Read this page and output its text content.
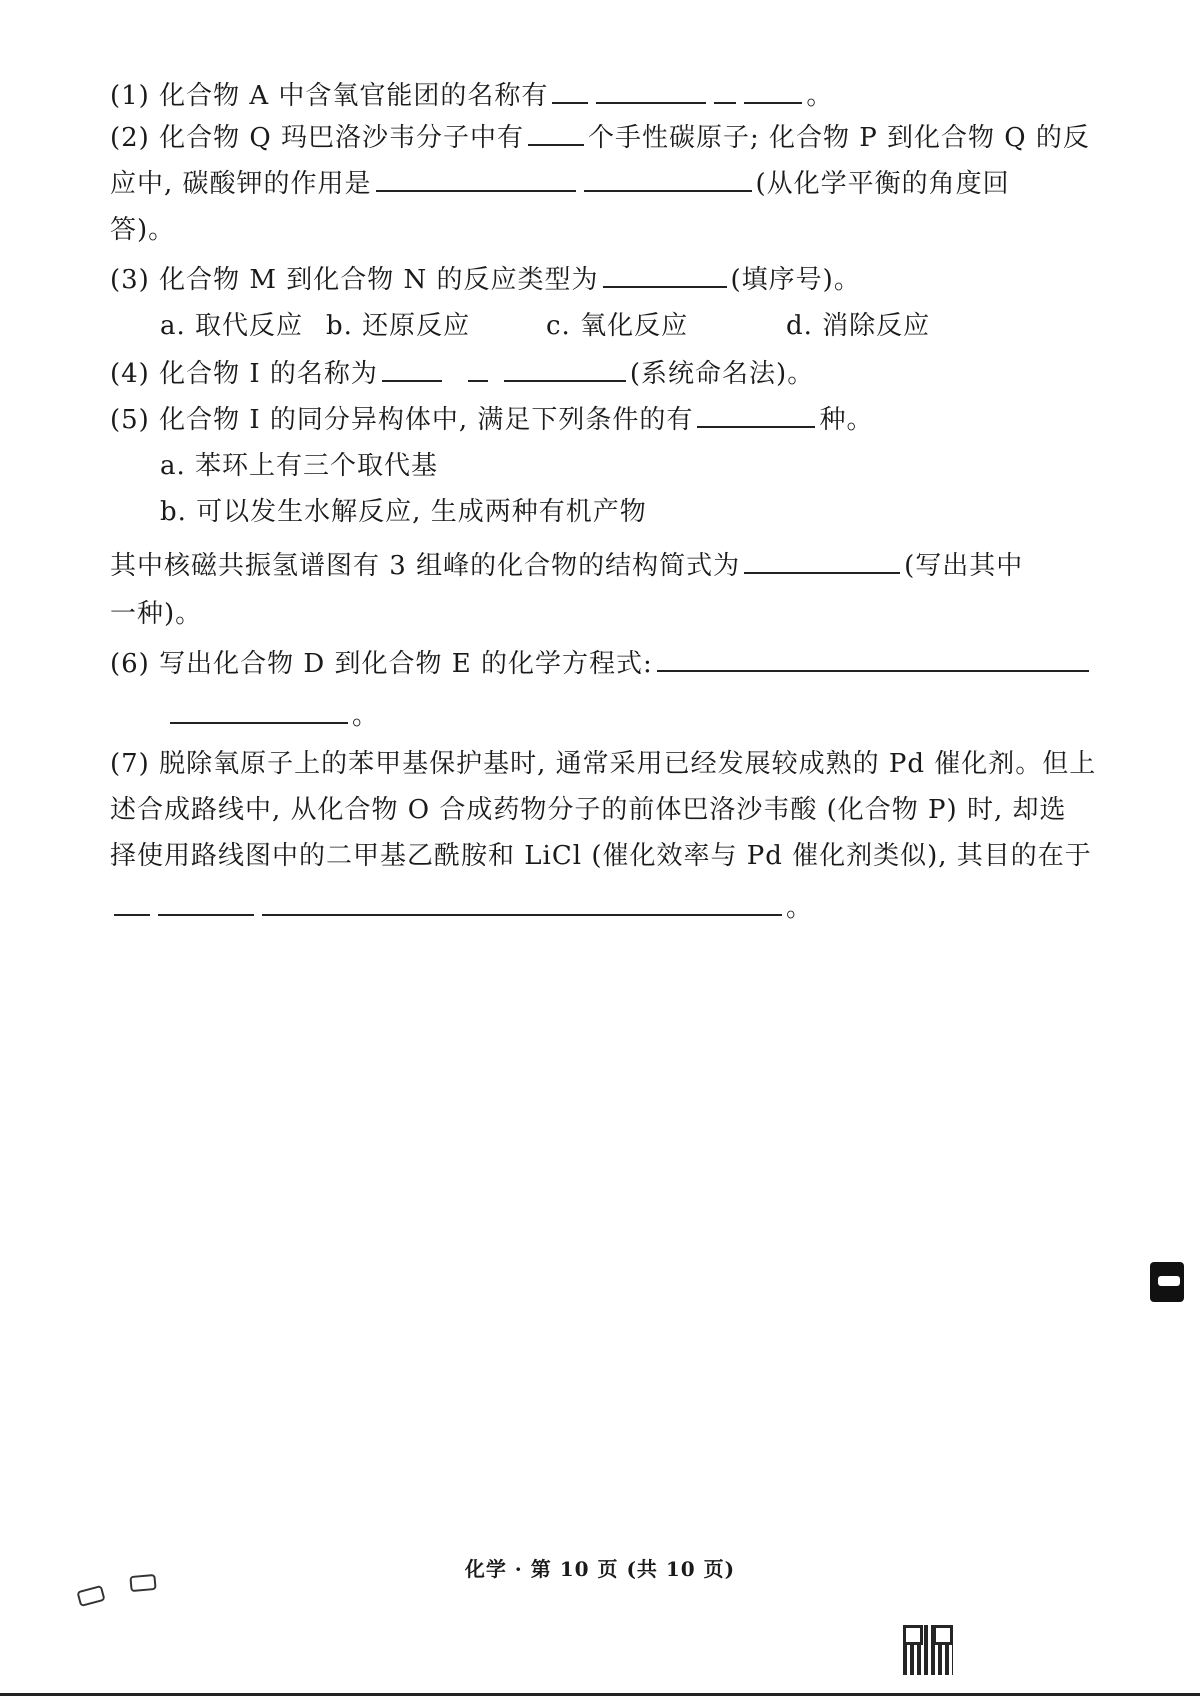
(1) 化合物 A 中含氧官能团的名称有	。
(2) 化合物 Q 玛巴洛沙韦分子中有 个手性碳原子; 化合物 P 到化合物 Q 的反
应中, 碳酸钾的作用是	(从化学平衡的角度回
答)。
(3) 化合物 M 到化合物 N 的反应类型为	(填序号)。
a. 取代反应 b. 还原反应	c. 氧化反应	d. 消除反应
(4) 化合物 I 的名称为	(系统命名法)。
(5) 化合物 I 的同分异构体中, 满足下列条件的有	种。
a. 苯环上有三个取代基
b. 可以发生水解反应, 生成两种有机产物
其中核磁共振氢谱图有 3 组峰的化合物的结构简式为	(写出其中
一种)。
(6) 写出化合物 D 到化合物 E 的化学方程式:
。
(7) 脱除氧原子上的苯甲基保护基时, 通常采用已经发展较成熟的 Pd 催化剂。但上
述合成路线中, 从化合物 O 合成药物分子的前体巴洛沙韦酸 (化合物 P) 时, 却选
择使用路线图中的二甲基乙酰胺和 LiCl (催化效率与 Pd 催化剂类似), 其目的在于
。
化学 · 第 10 页 (共 10 页)
